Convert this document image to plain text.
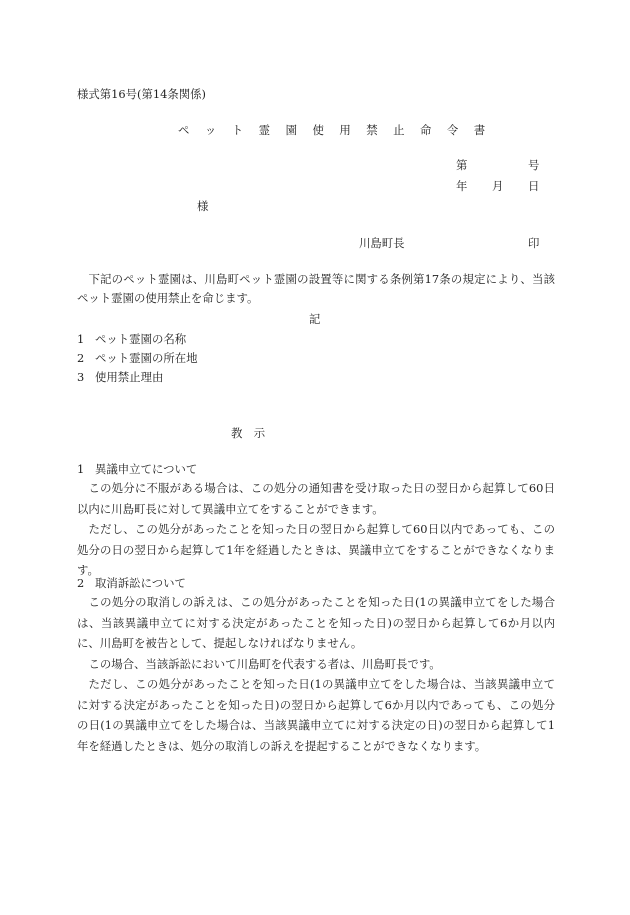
様式第16号(第14条関係)
ペット霊園使用禁止命令書
第	号
年 月 日
様
川島町長	印

下記のペット霊園は、川島町ペット霊園の設置等に関する条例第17条の規定により、当該ペット霊園の使用禁止を命じます。

記
1 ペット霊園の名称
2 ペット霊園の所在地
3 使用禁止理由
教　示
1 異議申立てについて

この処分に不服がある場合は、この処分の通知書を受け取った日の翌日から起算して60日以内に川島町長に対して異議申立てをすることができます。

ただし、この処分があったことを知った日の翌日から起算して60日以内であっても、この処分の日の翌日から起算して1年を経過したときは、異議申立てをすることができなくなります。

2 取消訴訟について

この処分の取消しの訴えは、この処分があったことを知った日(1の異議申立てをした場合は、当該異議申立てに対する決定があったことを知った日)の翌日から起算して6か月以内に、川島町を被告として、提起しなければなりません。

この場合、当該訴訟において川島町を代表する者は、川島町長です。

ただし、この処分があったことを知った日(1の異議申立てをした場合は、当該異議申立てに対する決定があったことを知った日)の翌日から起算して6か月以内であっても、この処分の日(1の異議申立てをした場合は、当該異議申立てに対する決定の日)の翌日から起算して1年を経過したときは、処分の取消しの訴えを提起することができなくなります。
